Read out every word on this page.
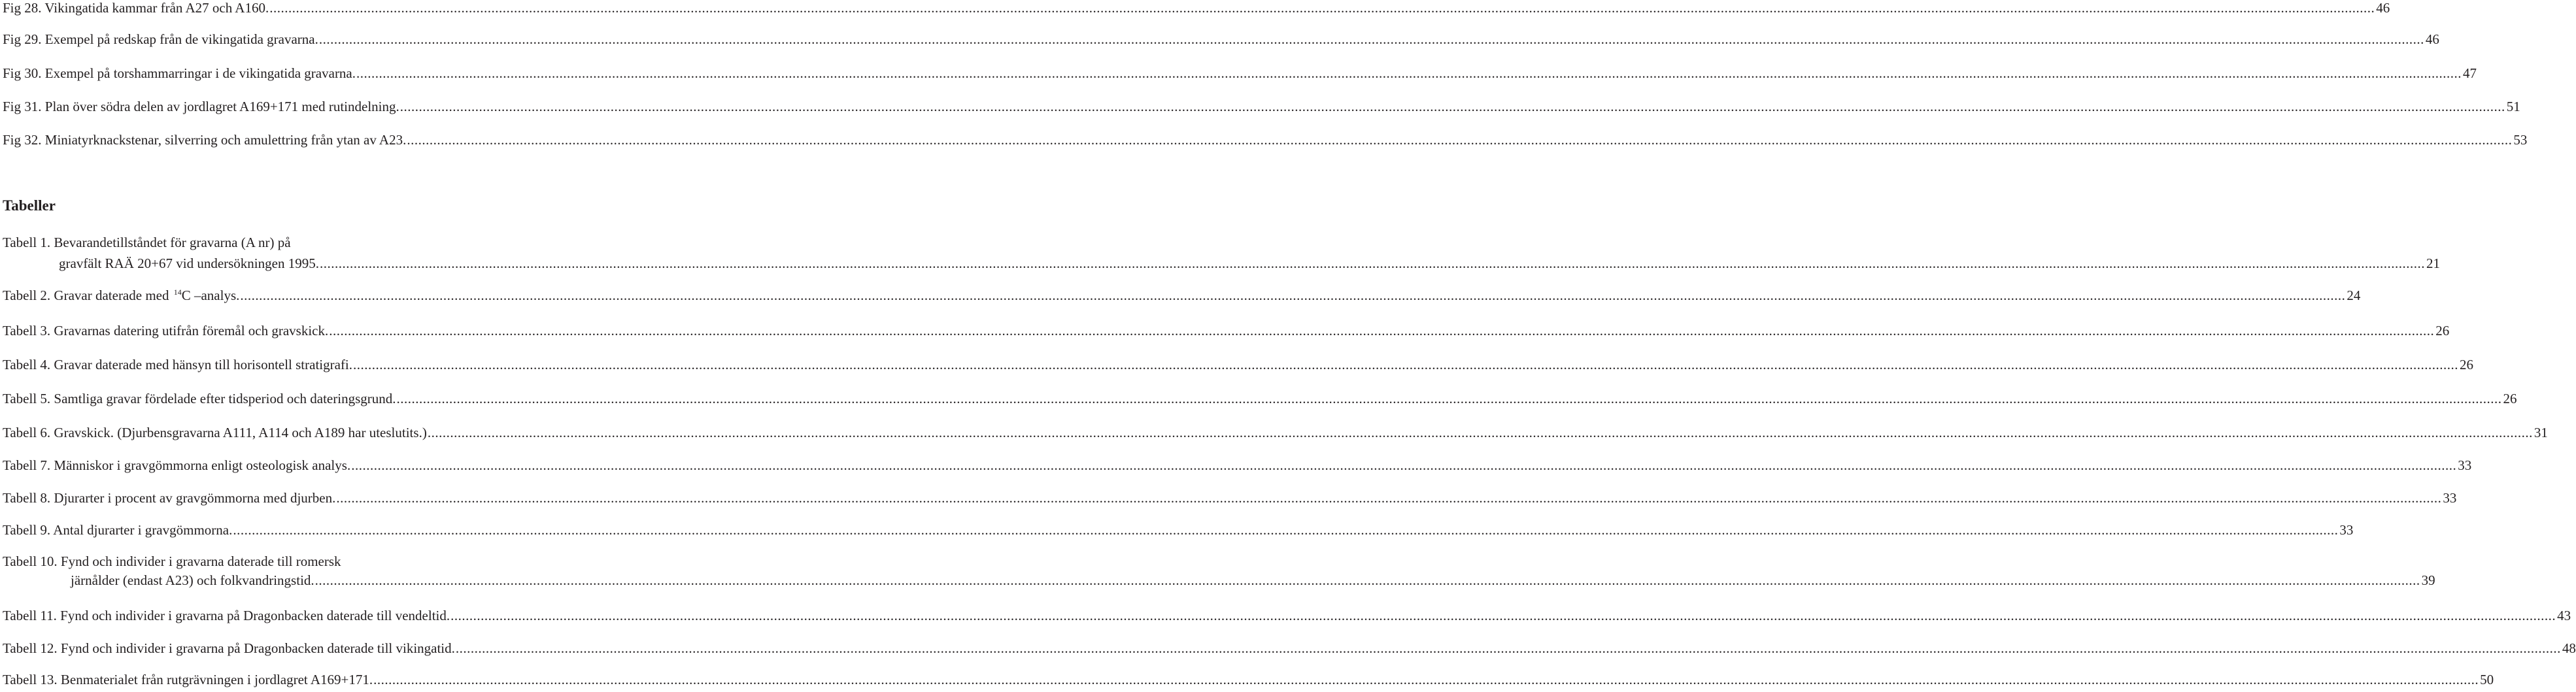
Fig 28. Vikingatida kammar från A27 och A160. .....	46
Fig 29. Exempel på redskap från de vikingatida gravarna. .....	46
Fig 30. Exempel på torshammarringar i de vikingatida gravarna. .....	47
Fig 31. Plan över södra delen av jordlagret A169+171 med rutindelning. .....	51
Fig 32. Miniatyrknackstenar, silverring och amulettring från ytan av A23. .....	53
Tabeller
Tabell 1. Bevarandetillståndet för gravarna (A nr) på
gravfält RAÄ 20+67 vid undersökningen 1995. .....	21
Tabell 2. Gravar daterade med $^{14}$C –analys. .....	24
Tabell 3. Gravarnas datering utifrån föremål och gravskick. .....	26
Tabell 4. Gravar daterade med hänsyn till horisontell stratigrafi. .....	26
Tabell 5. Samtliga gravar fördelade efter tidsperiod och dateringsgrund. .....	26
Tabell 6. Gravskick. (Djurbensgravarna A111, A114 och A189 har uteslutits.) .....	31
Tabell 7. Människor i gravgömmorna enligt osteologisk analys. .....	33
Tabell 8. Djurarter i procent av gravgömmorna med djurben. .....	33
Tabell 9. Antal djurarter i gravgömmorna. .....	33
Tabell 10. Fynd och individer i gravarna daterade till romersk
järnålder (endast A23) och folkvandringstid. .....	39
Tabell 11. Fynd och individer i gravarna på Dragonbacken daterade till vendeltid. .....	43
Tabell 12. Fynd och individer i gravarna på Dragonbacken daterade till vikingatid. .....	48
Tabell 13. Benmaterialet från rutgrävningen i jordlagret A169+171. .....	50
